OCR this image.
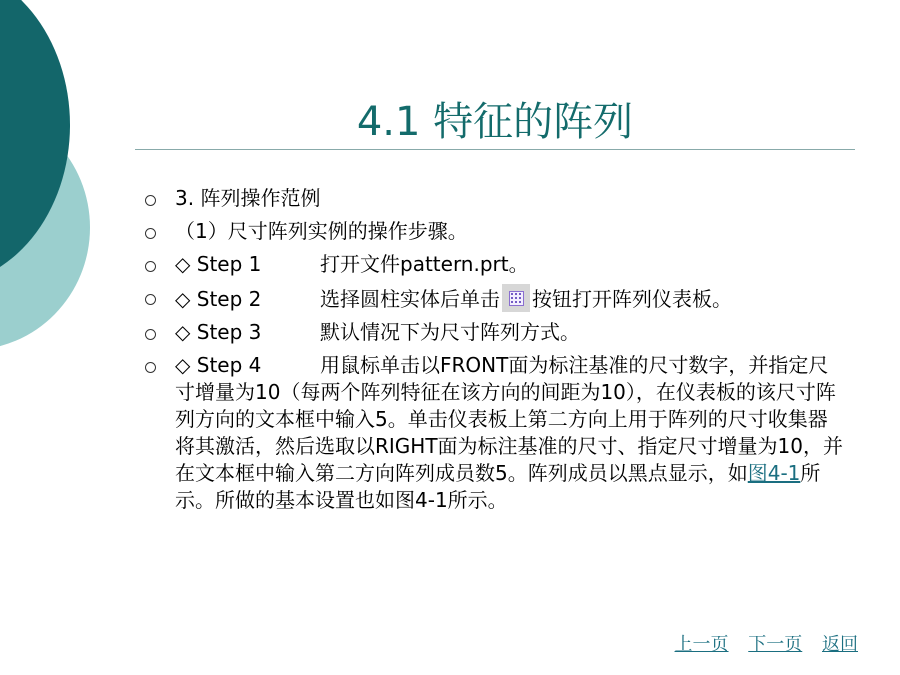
4.1 特征的阵列
3. 阵列操作范例
（1）尺寸阵列实例的操作步骤。
◇ Step 1	打开文件pattern.prt。
◇ Step 2	选择圆柱实体后单击 按钮打开阵列仪表板。
◇ Step 3	默认情况下为尺寸阵列方式。
◇ Step 4	用鼠标单击以FRONT面为标注基准的尺寸数字，并指定尺寸增量为10（每两个阵列特征在该方向的间距为10），在仪表板的该尺寸阵列方向的文本框中输入5。单击仪表板上第二方向上用于阵列的尺寸收集器将其激活，然后选取以RIGHT面为标注基准的尺寸、指定尺寸增量为10，并在文本框中输入第二方向阵列成员数5。阵列成员以黑点显示，如图4-1所示。所做的基本设置也如图4-1所示。
上一页 下一页 返回
